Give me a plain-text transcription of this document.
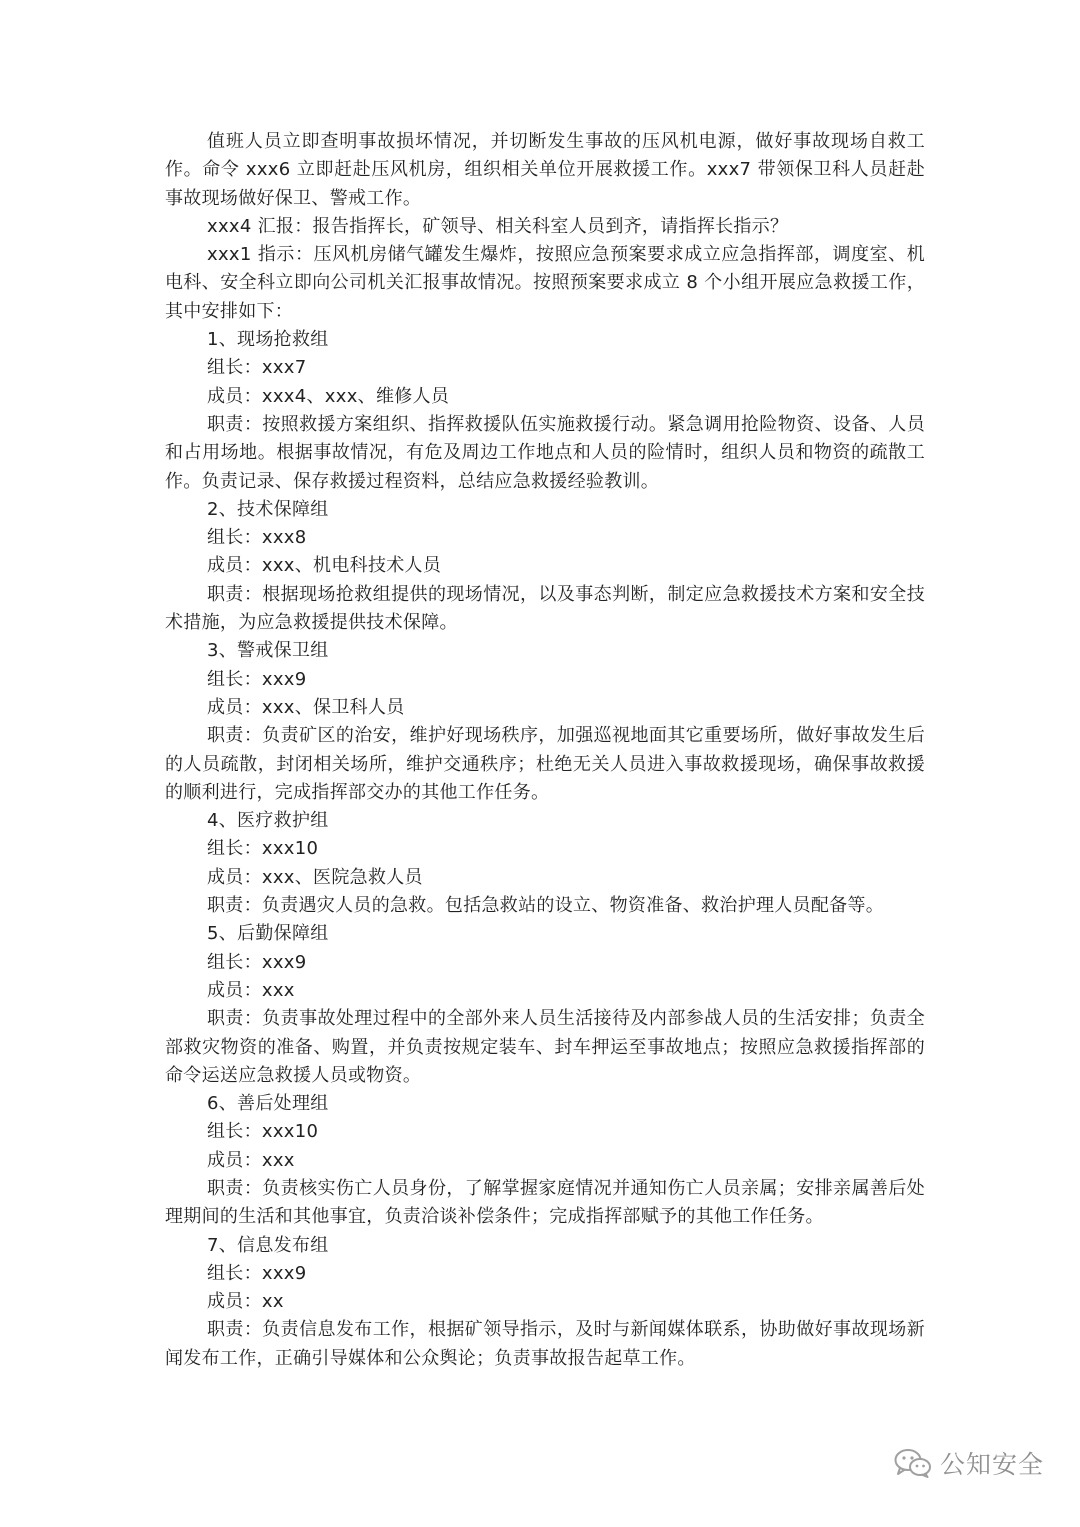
值班人员立即查明事故损坏情况，并切断发生事故的压风机电源，做好事故现场自救工作。命令 xxx6 立即赶赴压风机房，组织相关单位开展救援工作。xxx7 带领保卫科人员赶赴事故现场做好保卫、警戒工作。

xxx4 汇报：报告指挥长，矿领导、相关科室人员到齐，请指挥长指示？

xxx1 指示：压风机房储气罐发生爆炸，按照应急预案要求成立应急指挥部，调度室、机电科、安全科立即向公司机关汇报事故情况。按照预案要求成立 8 个小组开展应急救援工作，其中安排如下：

1、现场抢救组

组长：xxx7

成员：xxx4、xxx、维修人员

职责：按照救援方案组织、指挥救援队伍实施救援行动。紧急调用抢险物资、设备、人员和占用场地。根据事故情况，有危及周边工作地点和人员的险情时，组织人员和物资的疏散工作。负责记录、保存救援过程资料，总结应急救援经验教训。

2、技术保障组

组长：xxx8

成员：xxx、机电科技术人员

职责：根据现场抢救组提供的现场情况，以及事态判断，制定应急救援技术方案和安全技术措施，为应急救援提供技术保障。

3、警戒保卫组

组长：xxx9

成员：xxx、保卫科人员

职责：负责矿区的治安，维护好现场秩序，加强巡视地面其它重要场所，做好事故发生后的人员疏散，封闭相关场所，维护交通秩序；杜绝无关人员进入事故救援现场，确保事故救援的顺利进行，完成指挥部交办的其他工作任务。

4、医疗救护组

组长：xxx10

成员：xxx、医院急救人员

职责：负责遇灾人员的急救。包括急救站的设立、物资准备、救治护理人员配备等。

5、后勤保障组

组长：xxx9

成员：xxx

职责：负责事故处理过程中的全部外来人员生活接待及内部参战人员的生活安排；负责全部救灾物资的准备、购置，并负责按规定装车、封车押运至事故地点；按照应急救援指挥部的命令运送应急救援人员或物资。

6、善后处理组

组长：xxx10

成员：xxx

职责：负责核实伤亡人员身份，了解掌握家庭情况并通知伤亡人员亲属；安排亲属善后处理期间的生活和其他事宜，负责洽谈补偿条件；完成指挥部赋予的其他工作任务。

7、信息发布组

组长：xxx9

成员：xx

职责：负责信息发布工作，根据矿领导指示，及时与新闻媒体联系，协助做好事故现场新闻发布工作，正确引导媒体和公众舆论；负责事故报告起草工作。

公知安全
